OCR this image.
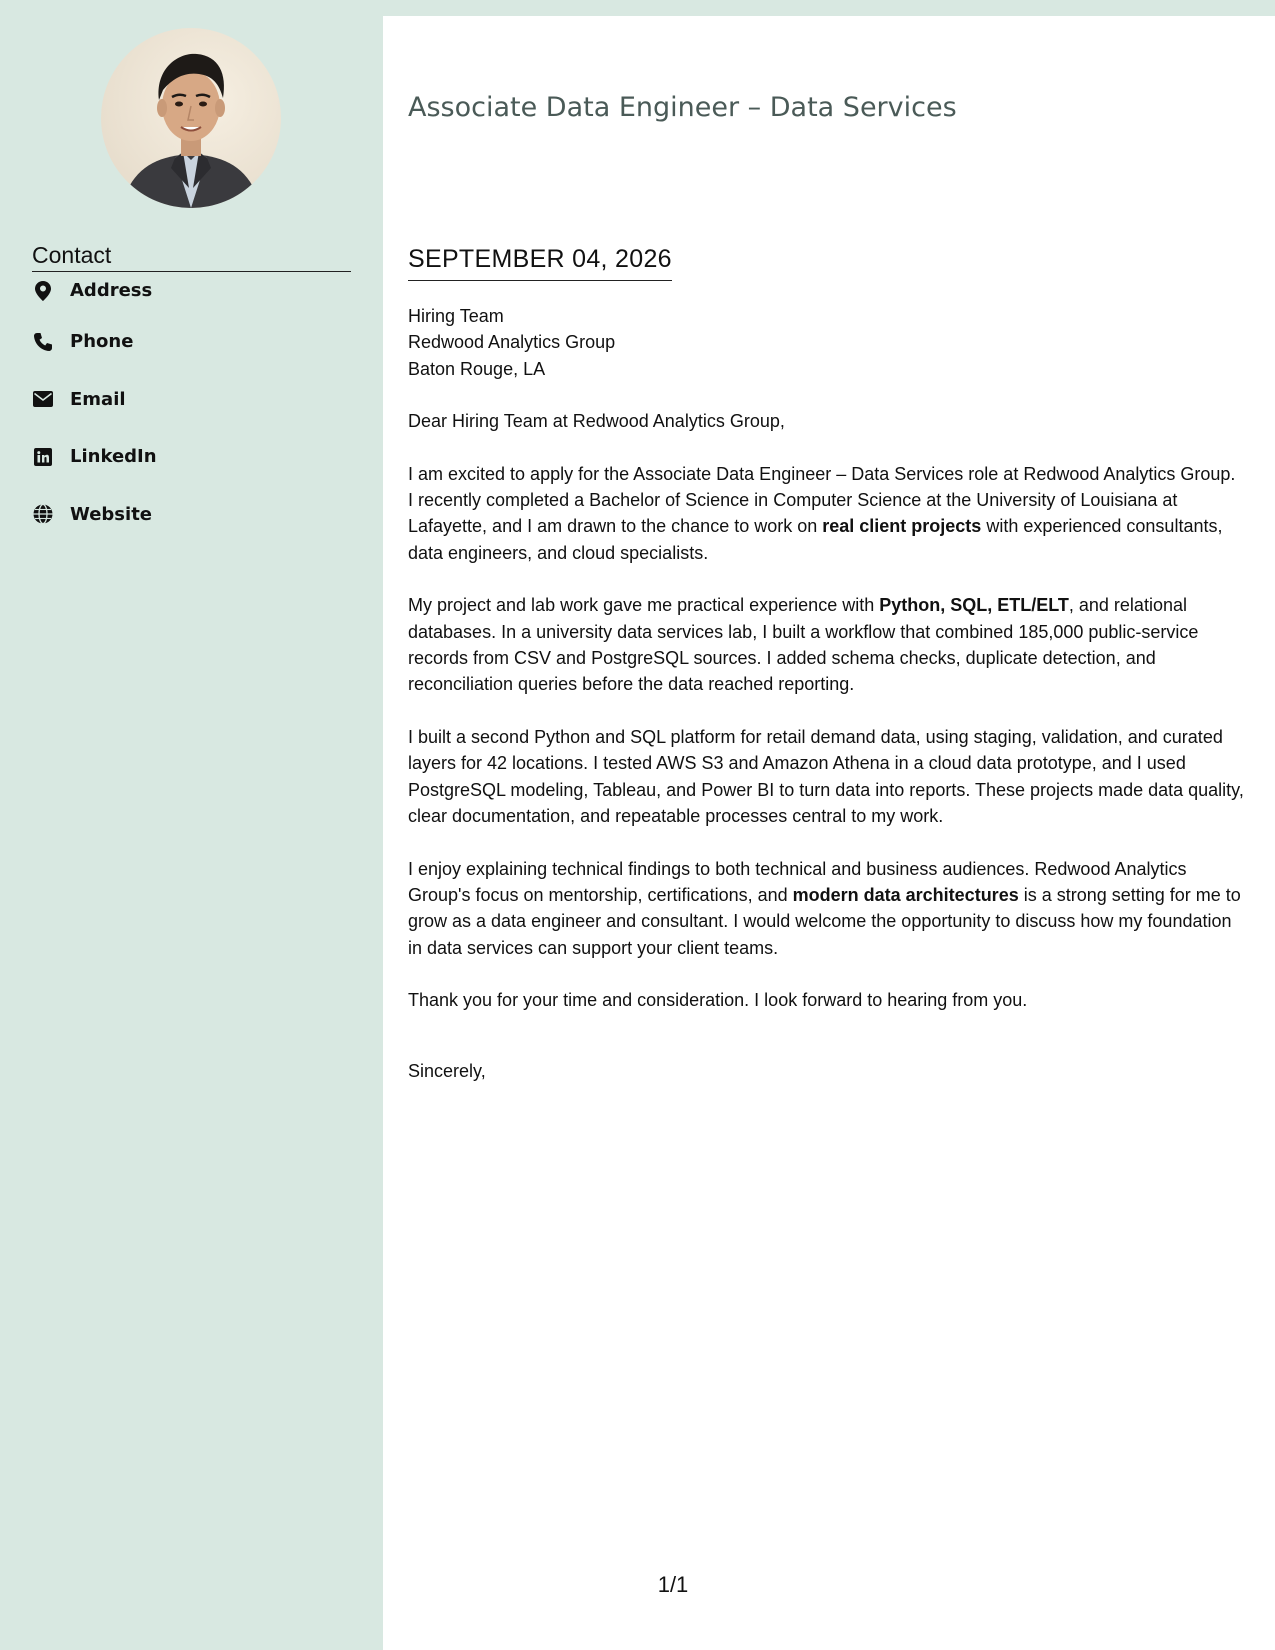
Contact
Address
Phone
Email
LinkedIn
Website
Associate Data Engineer – Data Services
SEPTEMBER 04, 2026

Hiring Team

Redwood Analytics Group

Baton Rouge, LA

Dear Hiring Team at Redwood Analytics Group,

I am excited to apply for the Associate Data Engineer – Data Services role at Redwood Analytics Group. I recently completed a Bachelor of Science in Computer Science at the University of Louisiana at Lafayette, and I am drawn to the chance to work on real client projects with experienced consultants, data engineers, and cloud specialists.

My project and lab work gave me practical experience with Python, SQL, ETL/ELT, and relational databases. In a university data services lab, I built a workflow that combined 185,000 public-service records from CSV and PostgreSQL sources. I added schema checks, duplicate detection, and reconciliation queries before the data reached reporting.

I built a second Python and SQL platform for retail demand data, using staging, validation, and curated layers for 42 locations. I tested AWS S3 and Amazon Athena in a cloud data prototype, and I used PostgreSQL modeling, Tableau, and Power BI to turn data into reports. These projects made data quality, clear documentation, and repeatable processes central to my work.

I enjoy explaining technical findings to both technical and business audiences. Redwood Analytics Group's focus on mentorship, certifications, and modern data architectures is a strong setting for me to grow as a data engineer and consultant. I would welcome the opportunity to discuss how my foundation in data services can support your client teams.

Thank you for your time and consideration. I look forward to hearing from you.

Sincerely,

1/1
